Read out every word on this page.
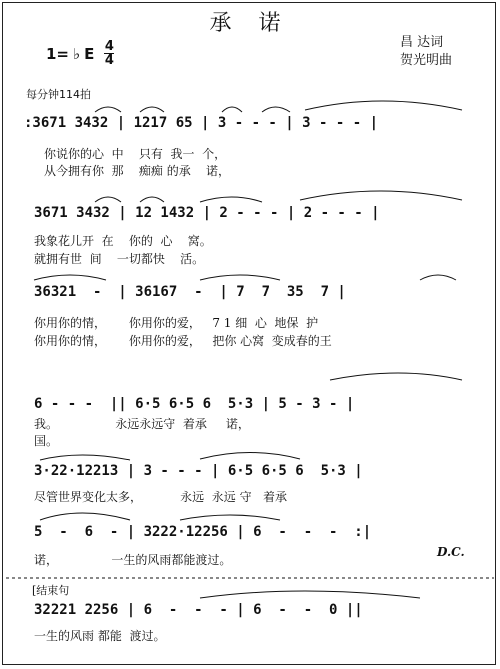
承 诺
1= ♭ E $\frac{4}{4}$	昌 达词
贺光明曲
每分钟114拍
:3671 3432 | 1217 65 | 3 - - - | 3 - - - |
你说你的心  中    只有  我一  个，
从今拥有你  那    痴痴 的承    诺，
3671 3432 | 12 1432 | 2 - - - | 2 - - - |
我象花儿开  在    你的  心    窝。
就拥有世  间    一切都快    活。
36321  -  | 36167  -  | 7  7  35  7 |
你用你的情，      你用你的爱，   7 1 细  心  地保  护
你用你的情，      你用你的爱，   把你 心窝  变成春的王
6 - - -  || 6·5 6·5 6  5·3 | 5 - 3 - |
我。               永远永远守  着承     诺，
国。
3·22·12213 | 3 - - - | 6·5 6·5 6  5·3 |
尽管世界变化太多，          永远  永远 守   着承
5  -  6  - | 3222·12256 | 6  -  -  -  :|
诺，              一生的风雨都能渡过。
D.C.
[结束句
32221 2256 | 6  -  -  - | 6  -  -  0 ||
一生的风雨 都能  渡过。
